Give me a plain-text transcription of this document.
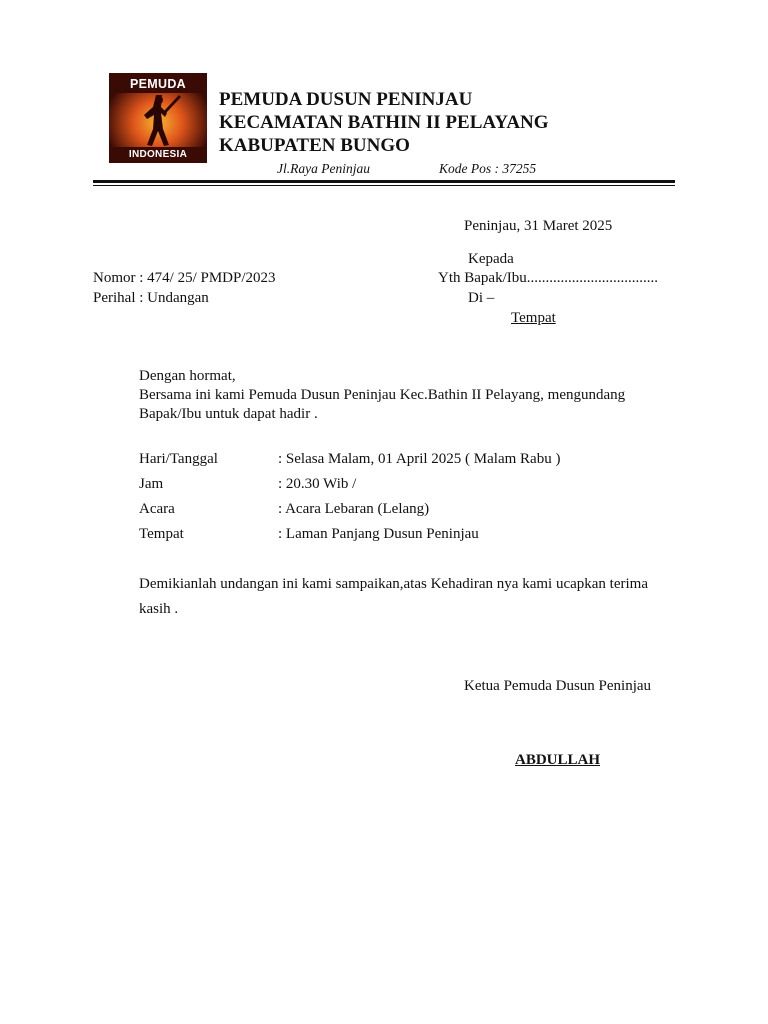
PEMUDA
INDONESIA
PEMUDA DUSUN PENINJAU
KECAMATAN BATHIN II PELAYANG
KABUPATEN BUNGO
Jl.Raya Peninjau	Kode Pos : 37255
Peninjau, 31 Maret 2025
Kepada
Yth Bapak/Ibu...................................
Di –
Tempat
Nomor : 474/ 25/ PMDP/2023
Perihal : Undangan
Dengan hormat,
Bersama ini kami Pemuda Dusun Peninjau Kec.Bathin II Pelayang, mengundang
Bapak/Ibu untuk dapat hadir .
Hari/Tanggal	: Selasa Malam, 01 April 2025 ( Malam Rabu )
Jam	: 20.30 Wib /
Acara	: Acara Lebaran (Lelang)
Tempat	: Laman Panjang Dusun Peninjau
Demikianlah undangan ini kami sampaikan,atas Kehadiran nya kami ucapkan terima
kasih .
Ketua Pemuda Dusun Peninjau
ABDULLAH
